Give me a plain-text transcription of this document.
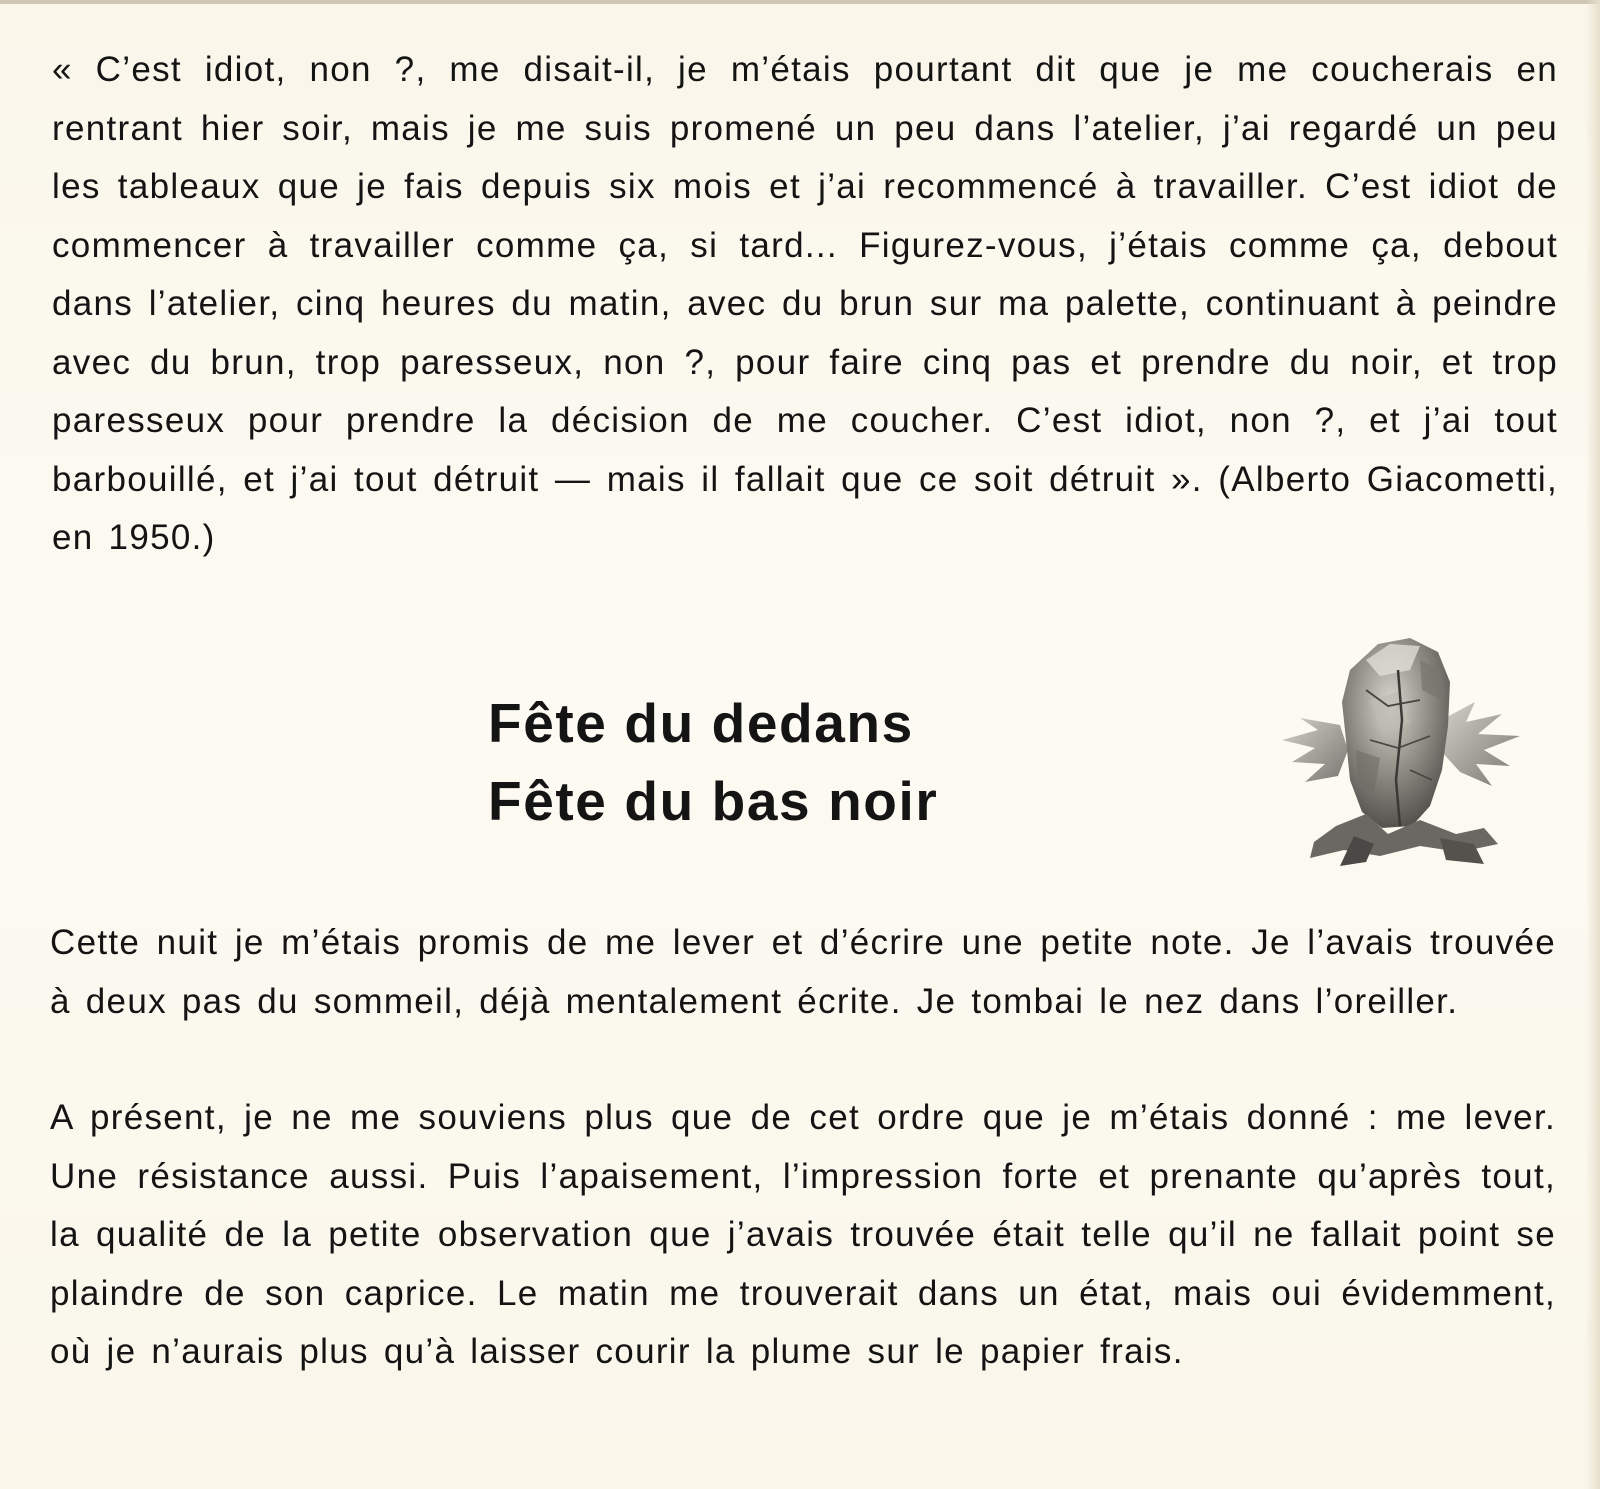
« C’est idiot, non ?, me disait-il, je m’étais pourtant dit que je me coucherais en rentrant hier soir, mais je me suis promené un peu dans l’atelier, j’ai regardé un peu les tableaux que je fais depuis six mois et j’ai recommencé à travailler. C’est idiot de commencer à travailler comme ça, si tard... Figurez-vous, j’étais comme ça, debout dans l’atelier, cinq heures du matin, avec du brun sur ma palette, continuant à peindre avec du brun, trop paresseux, non ?, pour faire cinq pas et prendre du noir, et trop paresseux pour prendre la décision de me coucher. C’est idiot, non ?, et j’ai tout barbouillé, et j’ai tout détruit — mais il fallait que ce soit détruit ». (Alberto Giacometti, en 1950.)

Fête du dedans
Fête du bas noir

Cette nuit je m’étais promis de me lever et d’écrire une petite note. Je l’avais trouvée à deux pas du sommeil, déjà mentalement écrite. Je tombai le nez dans l’oreiller.

A présent, je ne me souviens plus que de cet ordre que je m’étais donné : me lever. Une résistance aussi. Puis l’apaisement, l’impression forte et prenante qu’après tout, la qualité de la petite observation que j’avais trouvée était telle qu’il ne fallait point se plaindre de son caprice. Le matin me trouverait dans un état, mais oui évidemment, où je n’aurais plus qu’à laisser courir la plume sur le papier frais.
